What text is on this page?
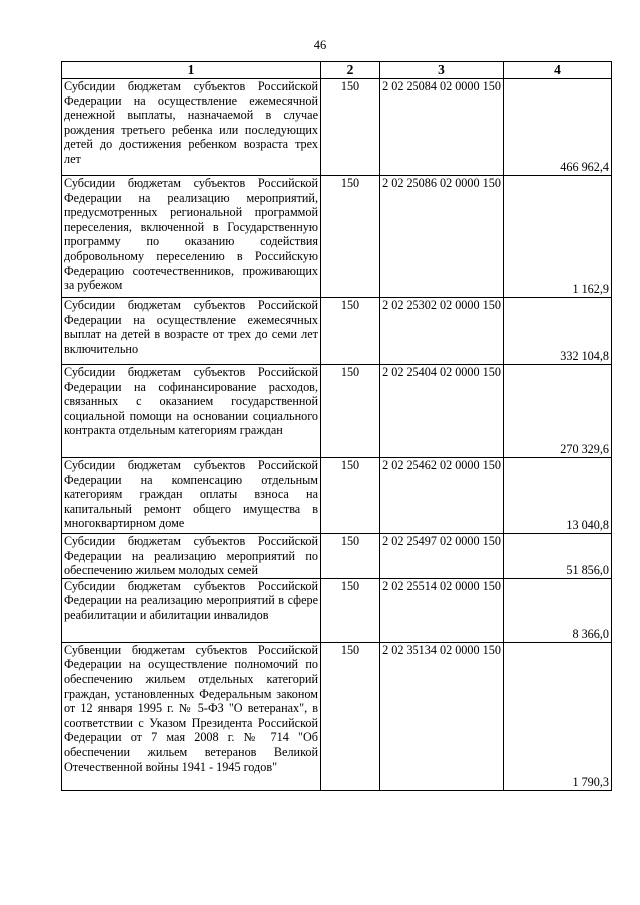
46
1	2	3	4
Субсидии бюджетам субъектов Российской Федерации на осуществление ежемесячной денежной выплаты, назначаемой в случае рождения третьего ребенка или последующих детей до достижения ребенком возраста трех лет	150	2 02 25084 02 0000 150	466 962,4
Субсидии бюджетам субъектов Российской Федерации на реализацию мероприятий, предусмотренных региональной программой переселения, включенной в Государственную программу по оказанию содействия добровольному переселению в Российскую Федерацию соотечественников, проживающих за рубежом	150	2 02 25086 02 0000 150	1 162,9
Субсидии бюджетам субъектов Российской Федерации на осуществление ежемесячных выплат на детей в возрасте от трех до семи лет включительно	150	2 02 25302 02 0000 150	332 104,8
Субсидии бюджетам субъектов Российской Федерации на софинансирование расходов, связанных с оказанием государственной социальной помощи на основании социального контракта отдельным категориям граждан	150	2 02 25404 02 0000 150	270 329,6
Субсидии бюджетам субъектов Российской Федерации на компенсацию отдельным категориям граждан оплаты взноса на капитальный ремонт общего имущества в многоквартирном доме	150	2 02 25462 02 0000 150	13 040,8
Субсидии бюджетам субъектов Российской Федерации на реализацию мероприятий по обеспечению жильем молодых семей	150	2 02 25497 02 0000 150	51 856,0
Субсидии бюджетам субъектов Российской Федерации на реализацию мероприятий в сфере реабилитации и абилитации инвалидов	150	2 02 25514 02 0000 150	8 366,0
Субвенции бюджетам субъектов Российской Федерации на осуществление полномочий по обеспечению жильем отдельных категорий граждан, установленных Федеральным законом от 12 января 1995 г. № 5-ФЗ "О ветеранах", в соответствии с Указом Президента Российской Федерации от 7 мая 2008 г. № 714 "Об обеспечении жильем ветеранов Великой Отечественной войны 1941 - 1945 годов"	150	2 02 35134 02 0000 150	1 790,3
